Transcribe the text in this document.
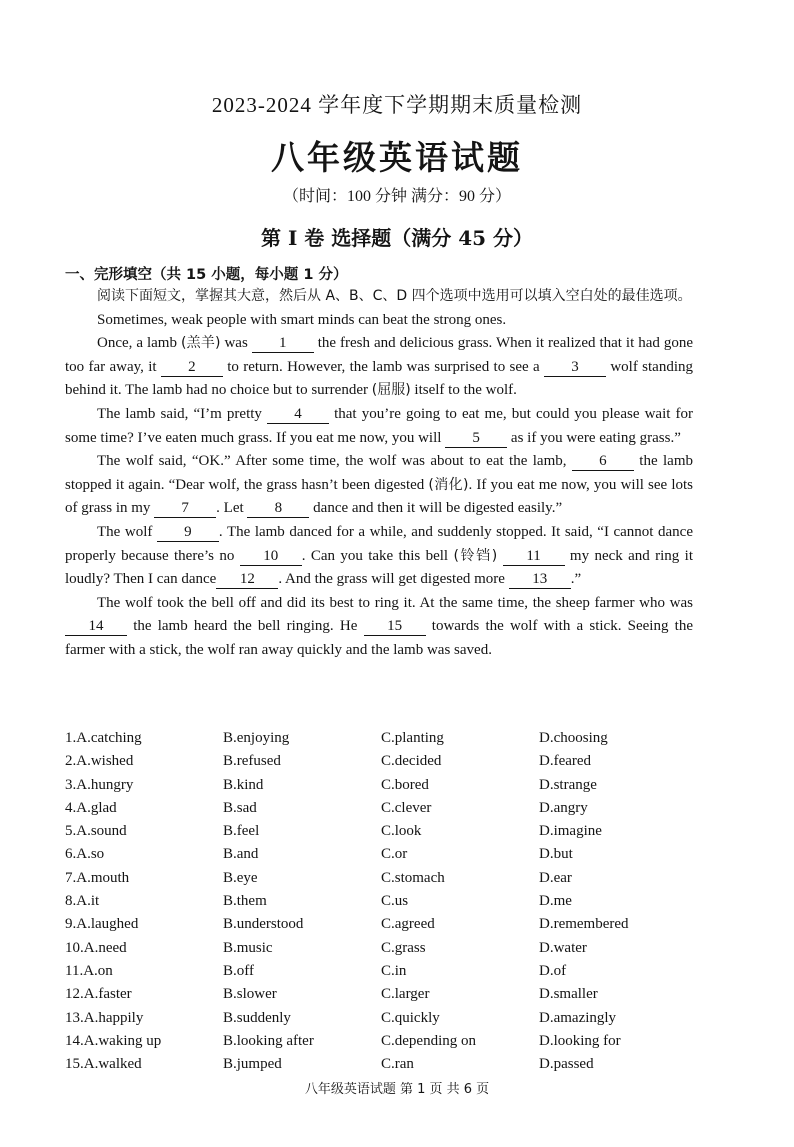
2023-2024 学年度下学期期末质量检测
八年级英语试题
（时间：100 分钟 满分：90 分）
第 I 卷 选择题（满分 45 分）
一、完形填空（共 15 小题，每小题 1 分）

阅读下面短文，掌握其大意，然后从 A、B、C、D 四个选项中选用可以填入空白处的最佳选项。

Sometimes, weak people with smart minds can beat the strong ones.

Once, a lamb (羔羊) was 1 the fresh and delicious grass. When it realized that it had gone too far away, it 2 to return. However, the lamb was surprised to see a 3 wolf standing behind it. The lamb had no choice but to surrender (屈服) itself to the wolf.

The lamb said, “I’m pretty 4 that you’re going to eat me, but could you please wait for some time? I’ve eaten much grass. If you eat me now, you will 5 as if you were eating grass.”

The wolf said, “OK.” After some time, the wolf was about to eat the lamb, 6 the lamb stopped it again. “Dear wolf, the grass hasn’t been digested (消化). If you eat me now, you will see lots of grass in my 7 . Let 8 dance and then it will be digested easily.”

The wolf 9 . The lamb danced for a while, and suddenly stopped. It said, “I cannot dance properly because there’s no 10 . Can you take this bell (铃铛) 11 my neck and ring it loudly? Then I can dance 12 . And the grass will get digested more 13 .”

The wolf took the bell off and did its best to ring it. At the same time, the sheep farmer who was 14 the lamb heard the bell ringing. He 15 towards the wolf with a stick. Seeing the farmer with a stick, the wolf ran away quickly and the lamb was saved.

1.A.catching	B.enjoying	C.planting	D.choosing
2.A.wished	B.refused	C.decided	D.feared
3.A.hungry	B.kind	C.bored	D.strange
4.A.glad	B.sad	C.clever	D.angry
5.A.sound	B.feel	C.look	D.imagine
6.A.so	B.and	C.or	D.but
7.A.mouth	B.eye	C.stomach	D.ear
8.A.it	B.them	C.us	D.me
9.A.laughed	B.understood	C.agreed	D.remembered
10.A.need	B.music	C.grass	D.water
11.A.on	B.off	C.in	D.of
12.A.faster	B.slower	C.larger	D.smaller
13.A.happily	B.suddenly	C.quickly	D.amazingly
14.A.waking up	B.looking after	C.depending on	D.looking for
15.A.walked	B.jumped	C.ran	D.passed
八年级英语试题 第 1 页 共 6 页
